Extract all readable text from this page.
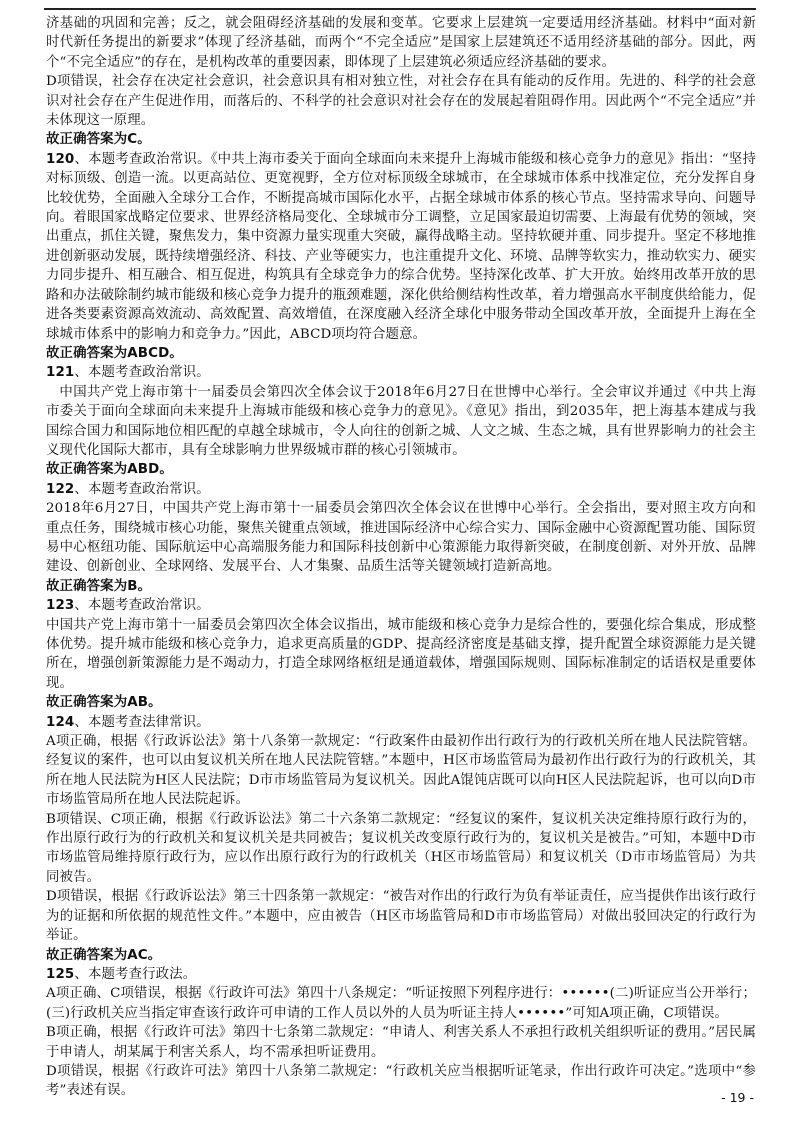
济基础的巩固和完善；反之，就会阻碍经济基础的发展和变革。它要求上层建筑一定要适用经济基础。材料中“面对新时代新任务提出的新要求”体现了经济基础，而两个“不完全适应”是国家上层建筑还不适用经济基础的部分。因此，两个“不完全适应”的存在，是机构改革的重要因素，即体现了上层建筑必须适应经济基础的要求。

D项错误，社会存在决定社会意识，社会意识具有相对独立性，对社会存在具有能动的反作用。先进的、科学的社会意识对社会存在产生促进作用，而落后的、不科学的社会意识对社会存在的发展起着阻碍作用。因此两个“不完全适应”并未体现这一原理。

故正确答案为C。

120、本题考查政治常识。《中共上海市委关于面向全球面向未来提升上海城市能级和核心竞争力的意见》指出：“坚持对标顶级、创造一流。以更高站位、更宽视野，全方位对标顶级全球城市，在全球城市体系中找准定位，充分发挥自身比较优势，全面融入全球分工合作，不断提高城市国际化水平，占据全球城市体系的核心节点。坚持需求导向、问题导向。着眼国家战略定位要求、世界经济格局变化、全球城市分工调整，立足国家最迫切需要、上海最有优势的领域，突出重点，抓住关键，聚焦发力，集中资源力量实现重大突破，赢得战略主动。坚持软硬并重、同步提升。坚定不移地推进创新驱动发展，既持续增强经济、科技、产业等硬实力，也注重提升文化、环境、品牌等软实力，推动软实力、硬实力同步提升、相互融合、相互促进，构筑具有全球竞争力的综合优势。坚持深化改革、扩大开放。始终用改革开放的思路和办法破除制约城市能级和核心竞争力提升的瓶颈难题，深化供给侧结构性改革，着力增强高水平制度供给能力，促进各类要素资源高效流动、高效配置、高效增值，在深度融入经济全球化中服务带动全国改革开放，全面提升上海在全球城市体系中的影响力和竞争力。”因此，ABCD项均符合题意。

故正确答案为ABCD。

121、本题考查政治常识。

中国共产党上海市第十一届委员会第四次全体会议于2018年6月27日在世博中心举行。全会审议并通过《中共上海市委关于面向全球面向未来提升上海城市能级和核心竞争力的意见》。《意见》指出，到2035年，把上海基本建成与我国综合国力和国际地位相匹配的卓越全球城市，令人向往的创新之城、人文之城、生态之城，具有世界影响力的社会主义现代化国际大都市，具有全球影响力世界级城市群的核心引领城市。

故正确答案为ABD。

122、本题考查政治常识。

2018年6月27日，中国共产党上海市第十一届委员会第四次全体会议在世博中心举行。全会指出，要对照主攻方向和重点任务，围绕城市核心功能，聚焦关键重点领域，推进国际经济中心综合实力、国际金融中心资源配置功能、国际贸易中心枢纽功能、国际航运中心高端服务能力和国际科技创新中心策源能力取得新突破，在制度创新、对外开放、品牌建设、创新创业、全球网络、发展平台、人才集聚、品质生活等关键领域打造新高地。

故正确答案为B。

123、本题考查政治常识。

中国共产党上海市第十一届委员会第四次全体会议指出，城市能级和核心竞争力是综合性的，要强化综合集成，形成整体优势。提升城市能级和核心竞争力，追求更高质量的GDP、提高经济密度是基础支撑，提升配置全球资源能力是关键所在，增强创新策源能力是不竭动力，打造全球网络枢纽是通道载体，增强国际规则、国际标准制定的话语权是重要体现。

故正确答案为AB。

124、本题考查法律常识。

A项正确，根据《行政诉讼法》第十八条第一款规定：“行政案件由最初作出行政行为的行政机关所在地人民法院管辖。经复议的案件，也可以由复议机关所在地人民法院管辖。”本题中，H区市场监管局为最初作出行政行为的行政机关，其所在地人民法院为H区人民法院；D市市场监管局为复议机关。因此A馄饨店既可以向H区人民法院起诉，也可以向D市市场监管局所在地人民法院起诉。

B项错误、C项正确，根据《行政诉讼法》第二十六条第二款规定：“经复议的案件，复议机关决定维持原行政行为的，作出原行政行为的行政机关和复议机关是共同被告；复议机关改变原行政行为的，复议机关是被告。”可知，本题中D市市场监管局维持原行政行为，应以作出原行政行为的行政机关（H区市场监管局）和复议机关（D市市场监管局）为共同被告。

D项错误，根据《行政诉讼法》第三十四条第一款规定：“被告对作出的行政行为负有举证责任，应当提供作出该行政行为的证据和所依据的规范性文件。”本题中，应由被告（H区市场监管局和D市市场监管局）对做出驳回决定的行政行为举证。

故正确答案为AC。

125、本题考查行政法。

A项正确、C项错误，根据《行政许可法》第四十八条规定：“听证按照下列程序进行：••••••(二)听证应当公开举行；(三)行政机关应当指定审查该行政许可申请的工作人员以外的人员为听证主持人••••••”可知A项正确，C项错误。

B项正确，根据《行政许可法》第四十七条第二款规定：“申请人、利害关系人不承担行政机关组织听证的费用。”居民属于申请人，胡某属于利害关系人，均不需承担听证费用。

D项错误，根据《行政许可法》第四十八条第二款规定：“行政机关应当根据听证笔录，作出行政许可决定。”选项中“参考”表述有误。	- 19 -
